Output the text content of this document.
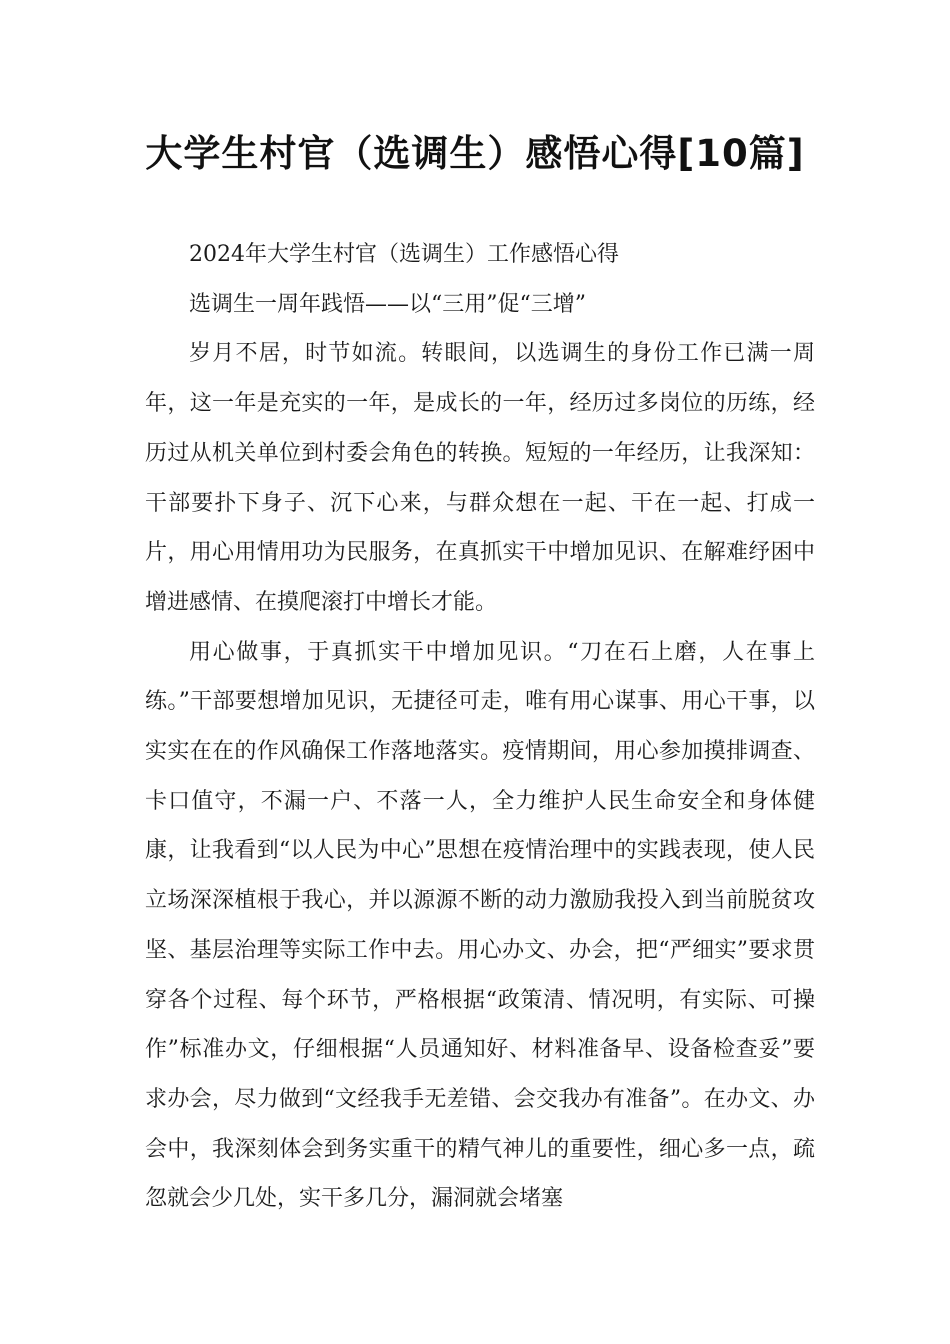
大学生村官（选调生）感悟心得[10篇]

2024年大学生村官（选调生）工作感悟心得

选调生一周年践悟——以“三用”促“三增”

岁月不居，时节如流。转眼间，以选调生的身份工作已满一周年，这一年是充实的一年，是成长的一年，经历过多岗位的历练，经历过从机关单位到村委会角色的转换。短短的一年经历，让我深知：干部要扑下身子、沉下心来，与群众想在一起、干在一起、打成一片，用心用情用功为民服务，在真抓实干中增加见识、在解难纾困中增进感情、在摸爬滚打中增长才能。

用心做事，于真抓实干中增加见识。“刀在石上磨，人在事上练。”干部要想增加见识，无捷径可走，唯有用心谋事、用心干事，以实实在在的作风确保工作落地落实。疫情期间，用心参加摸排调查、卡口值守，不漏一户、不落一人，全力维护人民生命安全和身体健康，让我看到“以人民为中心”思想在疫情治理中的实践表现，使人民立场深深植根于我心，并以源源不断的动力激励我投入到当前脱贫攻坚、基层治理等实际工作中去。用心办文、办会，把“严细实”要求贯穿各个过程、每个环节，严格根据“政策清、情况明，有实际、可操作”标准办文，仔细根据“人员通知好、材料准备早、设备检查妥”要求办会，尽力做到“文经我手无差错、会交我办有准备”。在办文、办会中，我深刻体会到务实重干的精气神儿的重要性，细心多一点，疏忽就会少几处，实干多几分，漏洞就会堵塞
